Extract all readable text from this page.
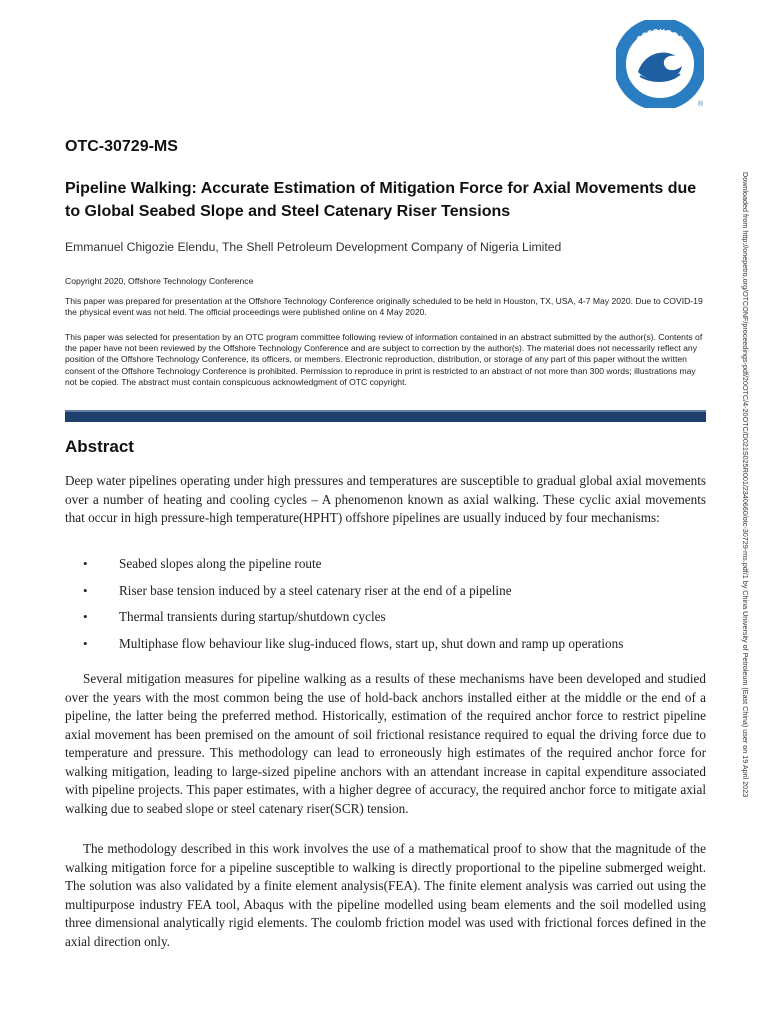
OFFSHORE
TECHNOLOGY CONFERENCE
®
Downloaded from http://onepetro.org/OTCONF/proceedings-pdf/20OTC/4-20OTC/D021S025R001/2340660/otc-30729-ms.pdf/1 by China University of Petroleum (East China) user on 19 April 2023
OTC-30729-MS
Pipeline Walking: Accurate Estimation of Mitigation Force for Axial Movements due to Global Seabed Slope and Steel Catenary Riser Tensions
Emmanuel Chigozie Elendu, The Shell Petroleum Development Company of Nigeria Limited
Copyright 2020, Offshore Technology Conference
This paper was prepared for presentation at the Offshore Technology Conference originally scheduled to be held in Houston, TX, USA, 4-7 May 2020. Due to COVID-19 the physical event was not held. The official proceedings were published online on 4 May 2020.
This paper was selected for presentation by an OTC program committee following review of information contained in an abstract submitted by the author(s). Contents of the paper have not been reviewed by the Offshore Technology Conference and are subject to correction by the author(s). The material does not necessarily reflect any position of the Offshore Technology Conference, its officers, or members. Electronic reproduction, distribution, or storage of any part of this paper without the written consent of the Offshore Technology Conference is prohibited. Permission to reproduce in print is restricted to an abstract of not more than 300 words; illustrations may not be copied. The abstract must contain conspicuous acknowledgment of OTC copyright.
Abstract

Deep water pipelines operating under high pressures and temperatures are susceptible to gradual global axial movements over a number of heating and cooling cycles – A phenomenon known as axial walking. These cyclic axial movements that occur in high pressure-high temperature(HPHT) offshore pipelines are usually induced by four mechanisms:

• Seabed slopes along the pipeline route
• Riser base tension induced by a steel catenary riser at the end of a pipeline
• Thermal transients during startup/shutdown cycles
• Multiphase flow behaviour like slug-induced flows, start up, shut down and ramp up operations

Several mitigation measures for pipeline walking as a results of these mechanisms have been developed and studied over the years with the most common being the use of hold-back anchors installed either at the middle or the end of a pipeline, the latter being the preferred method. Historically, estimation of the required anchor force to restrict pipeline axial movement has been premised on the amount of soil frictional resistance required to equal the driving force due to temperature and pressure. This methodology can lead to erroneously high estimates of the required anchor force for walking mitigation, leading to large-sized pipeline anchors with an attendant increase in capital expenditure associated with pipeline projects. This paper estimates, with a higher degree of accuracy, the required anchor force to mitigate axial walking due to seabed slope or steel catenary riser(SCR) tension.

The methodology described in this work involves the use of a mathematical proof to show that the magnitude of the walking mitigation force for a pipeline susceptible to walking is directly proportional to the pipeline submerged weight. The solution was also validated by a finite element analysis(FEA). The finite element analysis was carried out using the multipurpose industry FEA tool, Abaqus with the pipeline modelled using beam elements and the soil modelled using three dimensional analytically rigid elements. The coulomb friction model was used with frictional forces defined in the axial direction only.
